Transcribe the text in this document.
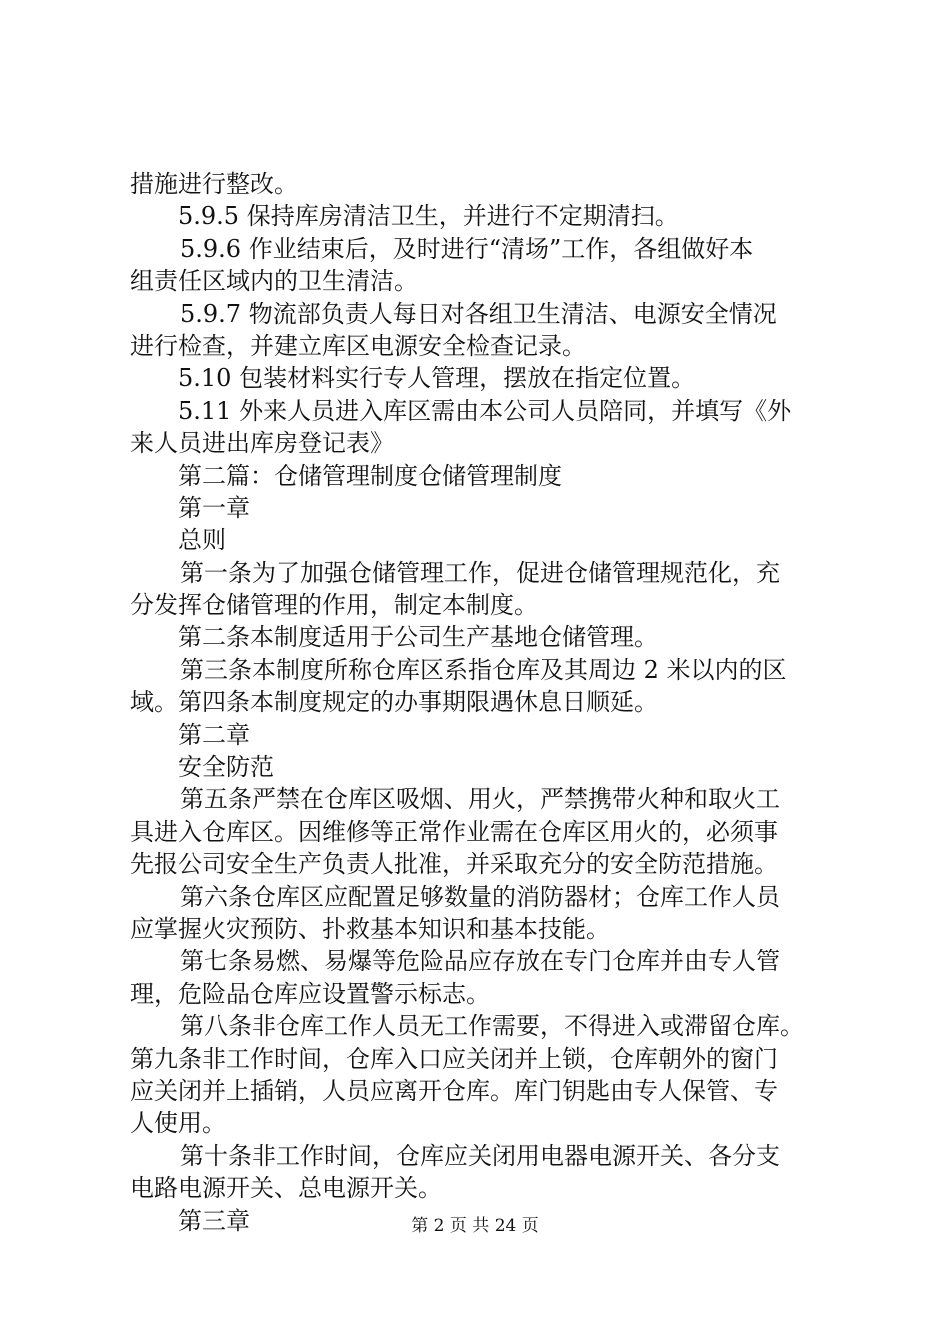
措施进行整改。
5.9.5 保持库房清洁卫生，并进行不定期清扫。
5.9.6 作业结束后，及时进行“清场”工作，各组做好本
组责任区域内的卫生清洁。
5.9.7 物流部负责人每日对各组卫生清洁、电源安全情况
进行检查，并建立库区电源安全检查记录。
5.10 包装材料实行专人管理，摆放在指定位置。
5.11 外来人员进入库区需由本公司人员陪同，并填写《外
来人员进出库房登记表》
第二篇：仓储管理制度仓储管理制度
第一章
总则
第一条为了加强仓储管理工作，促进仓储管理规范化，充
分发挥仓储管理的作用，制定本制度。
第二条本制度适用于公司生产基地仓储管理。
第三条本制度所称仓库区系指仓库及其周边 2 米以内的区
域。第四条本制度规定的办事期限遇休息日顺延。
第二章
安全防范
第五条严禁在仓库区吸烟、用火，严禁携带火种和取火工
具进入仓库区。因维修等正常作业需在仓库区用火的，必须事
先报公司安全生产负责人批准，并采取充分的安全防范措施。
第六条仓库区应配置足够数量的消防器材；仓库工作人员
应掌握火灾预防、扑救基本知识和基本技能。
第七条易燃、易爆等危险品应存放在专门仓库并由专人管
理，危险品仓库应设置警示标志。
第八条非仓库工作人员无工作需要，不得进入或滞留仓库。
第九条非工作时间，仓库入口应关闭并上锁，仓库朝外的窗门
应关闭并上插销，人员应离开仓库。库门钥匙由专人保管、专
人使用。
第十条非工作时间，仓库应关闭用电器电源开关、各分支
电路电源开关、总电源开关。
第三章	第 2 页 共 24 页
